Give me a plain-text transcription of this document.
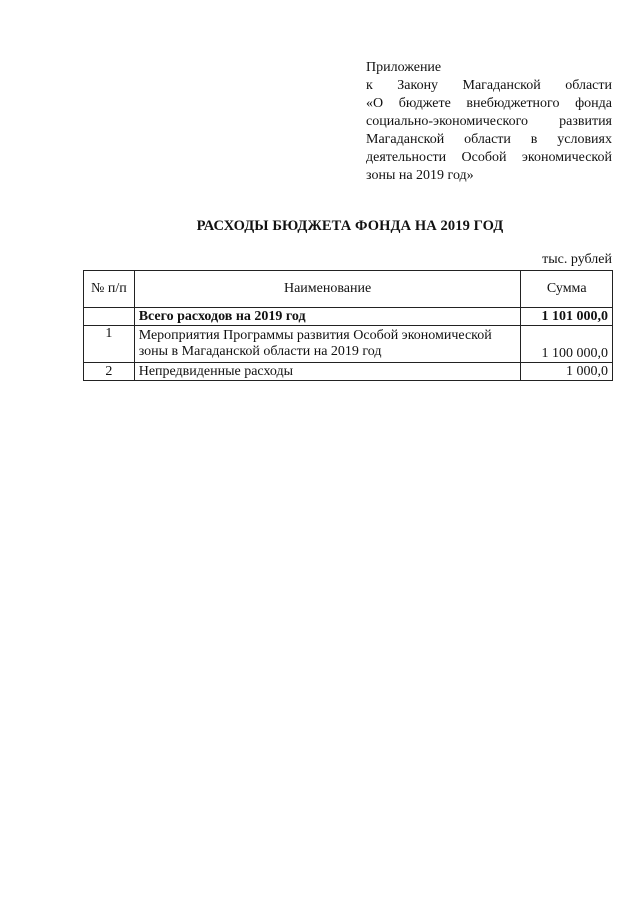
Приложение
к Закону Магаданской области
«О бюджете внебюджетного фонда
социально-экономического развития
Магаданской области в условиях
деятельности Особой экономической
зоны на 2019 год»
РАСХОДЫ БЮДЖЕТА ФОНДА НА 2019 ГОД
тыс. рублей
№ п/п	Наименование	Сумма
	Всего расходов на 2019 год	1 101 000,0
1	Мероприятия Программы развития Особой экономической зоны в Магаданской области на 2019 год	1 100 000,0
2	Непредвиденные расходы	1 000,0
